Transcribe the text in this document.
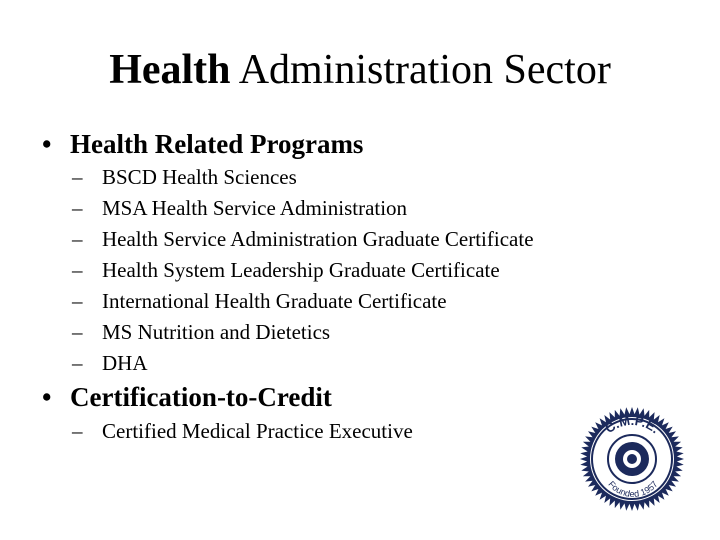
Health Administration Sector
• Health Related Programs
– BSCD Health Sciences
– MSA Health Service Administration
– Health Service Administration Graduate Certificate
– Health System Leadership Graduate Certificate
– International Health Graduate Certificate
– MS Nutrition and Dietetics
– DHA
• Certification-to-Credit
– Certified Medical Practice Executive	C.M.P.E.
Founded 1957
